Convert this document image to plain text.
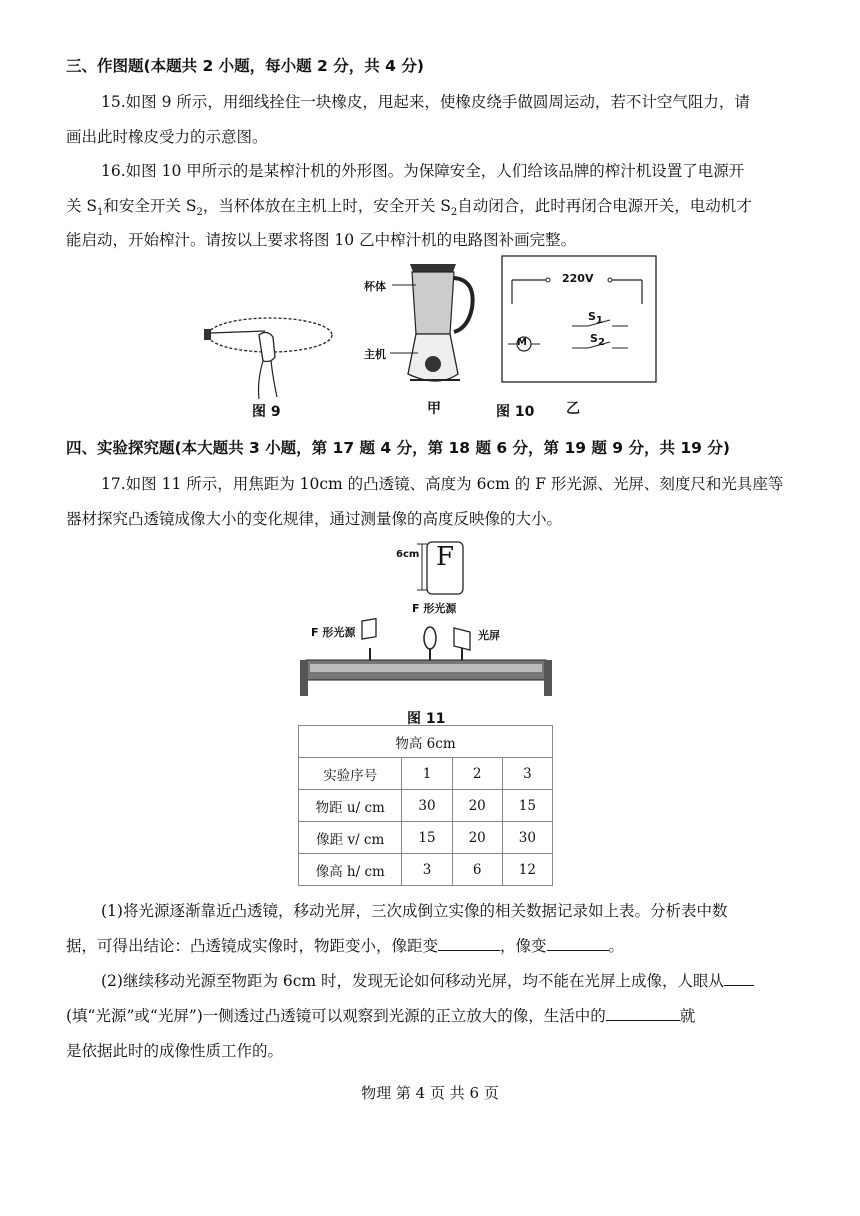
三、作图题(本题共 2 小题，每小题 2 分，共 4 分)
15.如图 9 所示，用细线拴住一块橡皮，甩起来，使橡皮绕手做圆周运动，若不计空气阻力，请
画出此时橡皮受力的示意图。
16.如图 10 甲所示的是某榨汁机的外形图。为保障安全，人们给该品牌的榨汁机设置了电源开
关 $S_1$和安全开关 $S_2$，当杯体放在主机上时，安全开关 $S_2$自动闭合，此时再闭合电源开关，电动机才
能启动，开始榨汁。请按以上要求将图 10 乙中榨汁机的电路图补画完整。
图 9
杯体
主机
甲
220V
M
$S_1$
$S_2$
图 10 乙
四、实验探究题(本大题共 3 小题，第 17 题 4 分，第 18 题 6 分，第 19 题 9 分，共 19 分)
17.如图 11 所示，用焦距为 10cm 的凸透镜、高度为 6cm 的 F 形光源、光屏、刻度尺和光具座等
器材探究凸透镜成像大小的变化规律，通过测量像的高度反映像的大小。
6cm F
F 形光源
F 形光源	光屏
图 11
物高 6cm			
实验序号	1	2	3
物距 u/ cm	30	20	15
像距 v/ cm	15	20	30
像高 h/ cm	3	6	12
(1)将光源逐渐靠近凸透镜，移动光屏，三次成倒立实像的相关数据记录如上表。分析表中数
据，可得出结论：凸透镜成实像时，物距变小，像距变	，像变	。
(2)继续移动光源至物距为 6cm 时，发现无论如何移动光屏，均不能在光屏上成像，人眼从
(填“光源”或“光屏”)一侧透过凸透镜可以观察到光源的正立放大的像，生活中的	就
是依据此时的成像性质工作的。
物理 第 4 页 共 6 页
